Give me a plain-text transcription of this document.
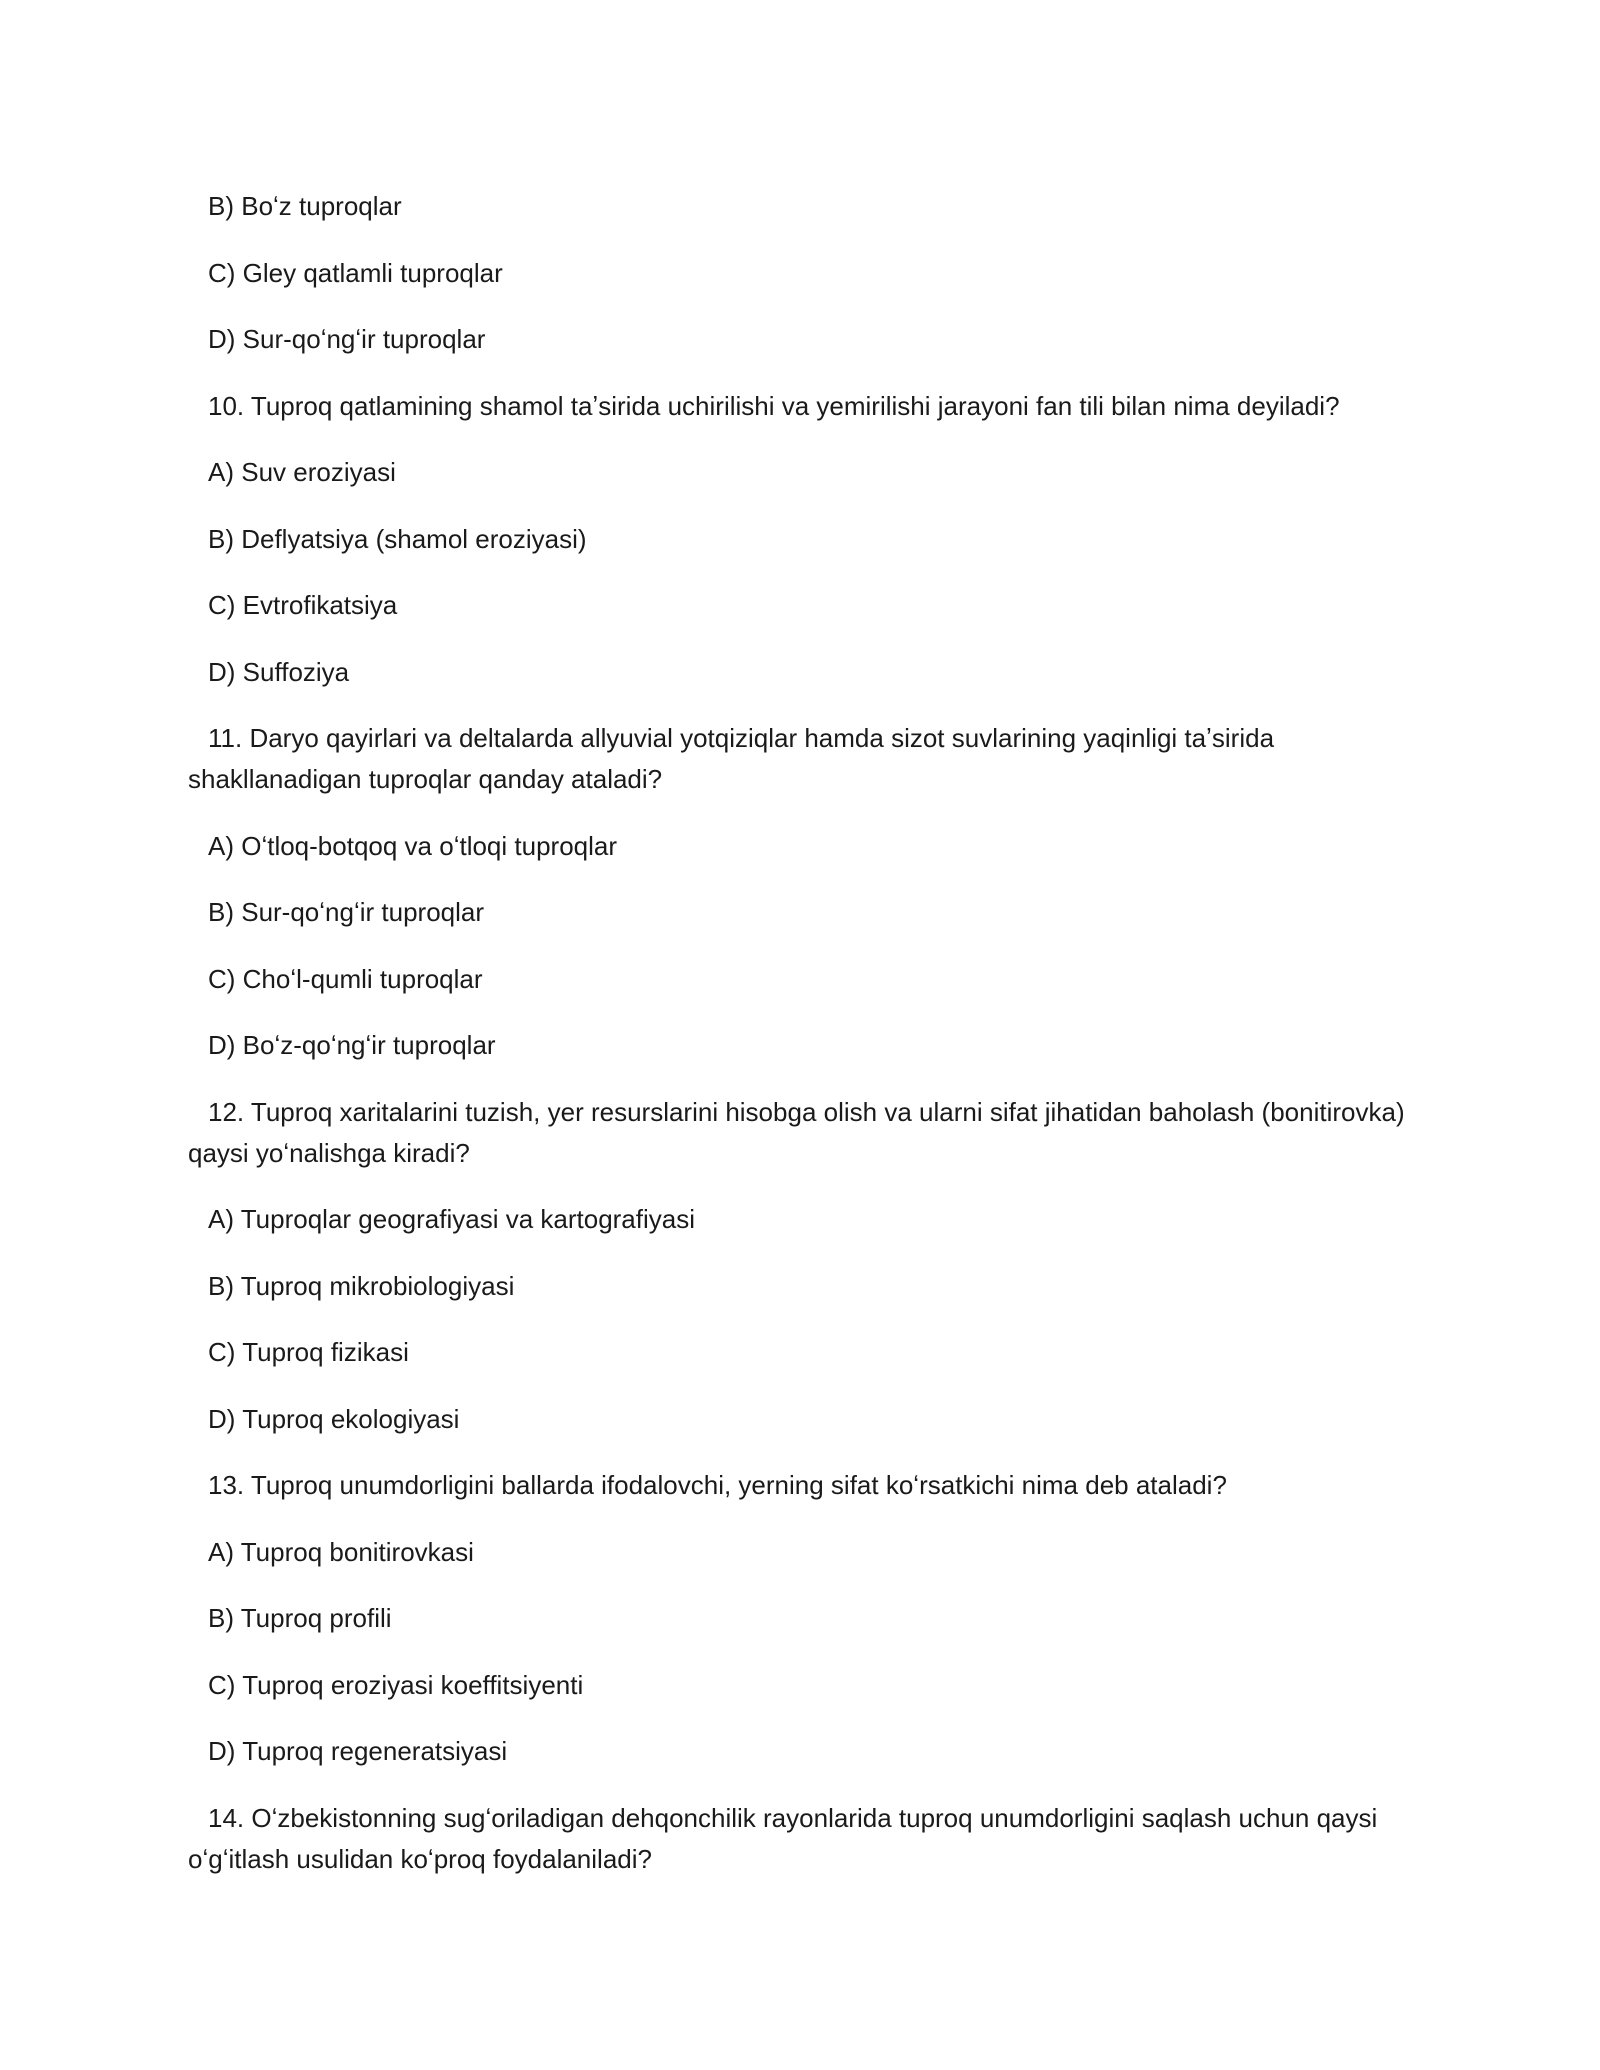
B) Boʻz tuproqlar

C) Gley qatlamli tuproqlar

D) Sur-qoʻngʻir tuproqlar

10. Tuproq qatlamining shamol taʼsirida uchirilishi va yemirilishi jarayoni fan tili bilan nima deyiladi?

A) Suv eroziyasi

B) Deflyatsiya (shamol eroziyasi)

C) Evtrofikatsiya

D) Suffoziya

11. Daryo qayirlari va deltalarda allyuvial yotqiziqlar hamda sizot suvlarining yaqinligi taʼsirida shakllanadigan tuproqlar qanday ataladi?

A) Oʻtloq-botqoq va oʻtloqi tuproqlar

B) Sur-qoʻngʻir tuproqlar

C) Choʻl-qumli tuproqlar

D) Boʻz-qoʻngʻir tuproqlar

12. Tuproq xaritalarini tuzish, yer resurslarini hisobga olish va ularni sifat jihatidan baholash (bonitirovka) qaysi yoʻnalishga kiradi?

A) Tuproqlar geografiyasi va kartografiyasi

B) Tuproq mikrobiologiyasi

C) Tuproq fizikasi

D) Tuproq ekologiyasi

13. Tuproq unumdorligini ballarda ifodalovchi, yerning sifat koʻrsatkichi nima deb ataladi?

A) Tuproq bonitirovkasi

B) Tuproq profili

C) Tuproq eroziyasi koeffitsiyenti

D) Tuproq regeneratsiyasi

14. Oʻzbekistonning sugʻoriladigan dehqonchilik rayonlarida tuproq unumdorligini saqlash uchun qaysi oʻgʻitlash usulidan koʻproq foydalaniladi?
